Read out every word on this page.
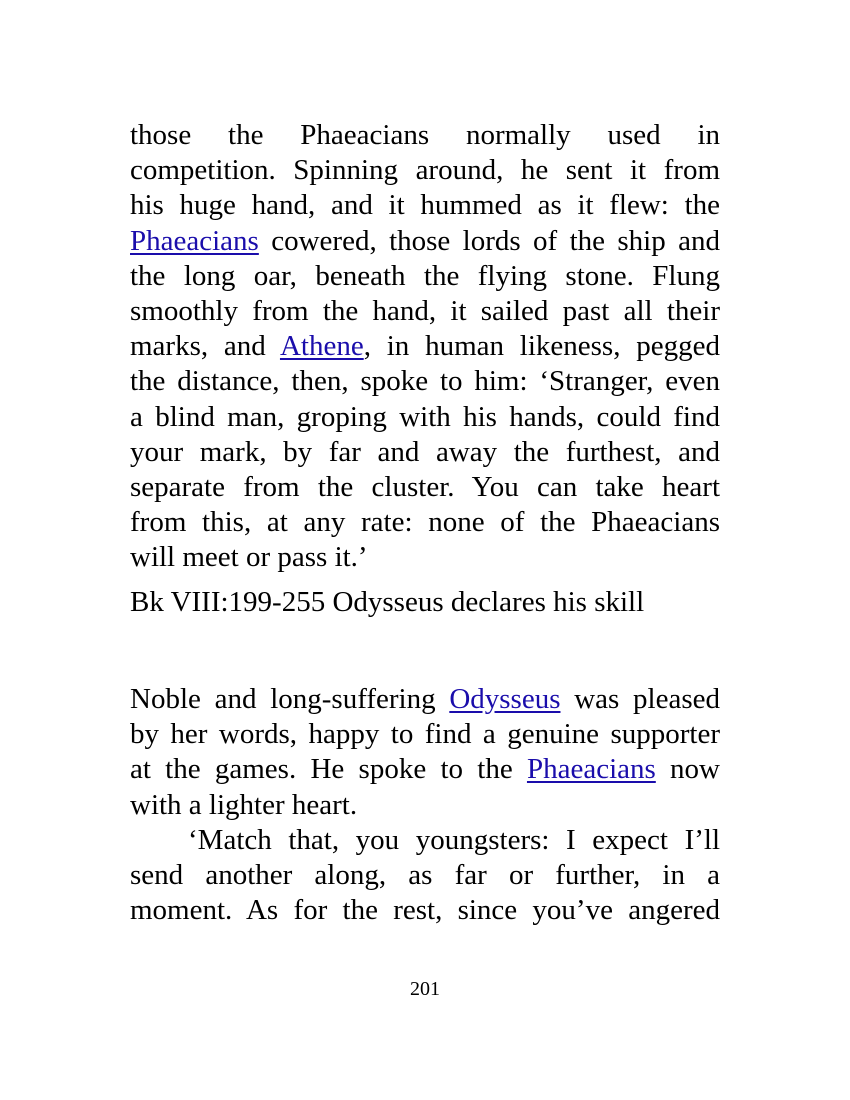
those the Phaeacians normally used in
competition. Spinning around, he sent it from
his huge hand, and it hummed as it flew: the
Phaeacians cowered, those lords of the ship and
the long oar, beneath the flying stone. Flung
smoothly from the hand, it sailed past all their
marks, and Athene, in human likeness, pegged
the distance, then, spoke to him: ‘Stranger, even
a blind man, groping with his hands, could find
your mark, by far and away the furthest, and
separate from the cluster. You can take heart
from this, at any rate: none of the Phaeacians
will meet or pass it.’
Bk VIII:199-255 Odysseus declares his skill
Noble and long-suffering Odysseus was pleased
by her words, happy to find a genuine supporter
at the games. He spoke to the Phaeacians now
with a lighter heart.
‘Match that, you youngsters: I expect I’ll
send another along, as far or further, in a
moment. As for the rest, since you’ve angered
201
